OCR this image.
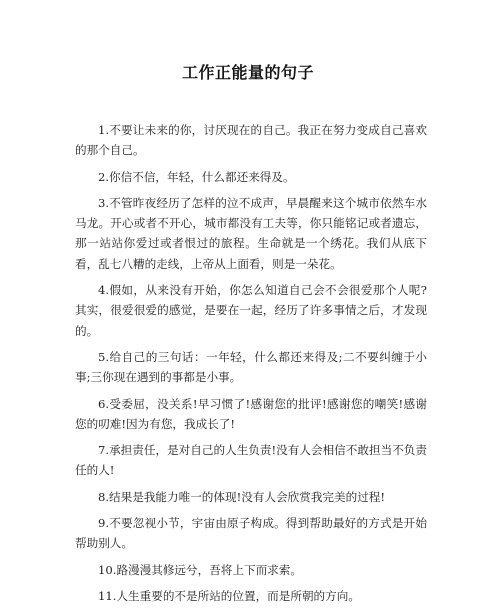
工作正能量的句子

1.不要让未来的你，讨厌现在的自己。我正在努力变成自己喜欢的那个自己。

2.你信不信，年轻，什么都还来得及。

3.不管昨夜经历了怎样的泣不成声，早晨醒来这个城市依然车水马龙。开心或者不开心，城市都没有工夫等，你只能铭记或者遗忘，那一站站你爱过或者恨过的旅程。生命就是一个绣花。我们从底下看，乱七八糟的走线，上帝从上面看，则是一朵花。

4.假如，从来没有开始，你怎么知道自己会不会很爱那个人呢?其实，很爱很爱的感觉，是要在一起，经历了许多事情之后，才发现的。

5.给自己的三句话：一年轻，什么都还来得及;二不要纠缠于小事;三你现在遇到的事都是小事。

6.受委屈，没关系!早习惯了!感谢您的批评!感谢您的嘲笑!感谢您的叨难!因为有您，我成长了!

7.承担责任，是对自己的人生负责!没有人会相信不敢担当不负责任的人!

8.结果是我能力唯一的体现!没有人会欣赏我完美的过程!

9.不要忽视小节，宇宙由原子构成。得到帮助最好的方式是开始帮助别人。

10.路漫漫其修远兮，吾将上下而求索。

11.人生重要的不是所站的位置，而是所朝的方向。
